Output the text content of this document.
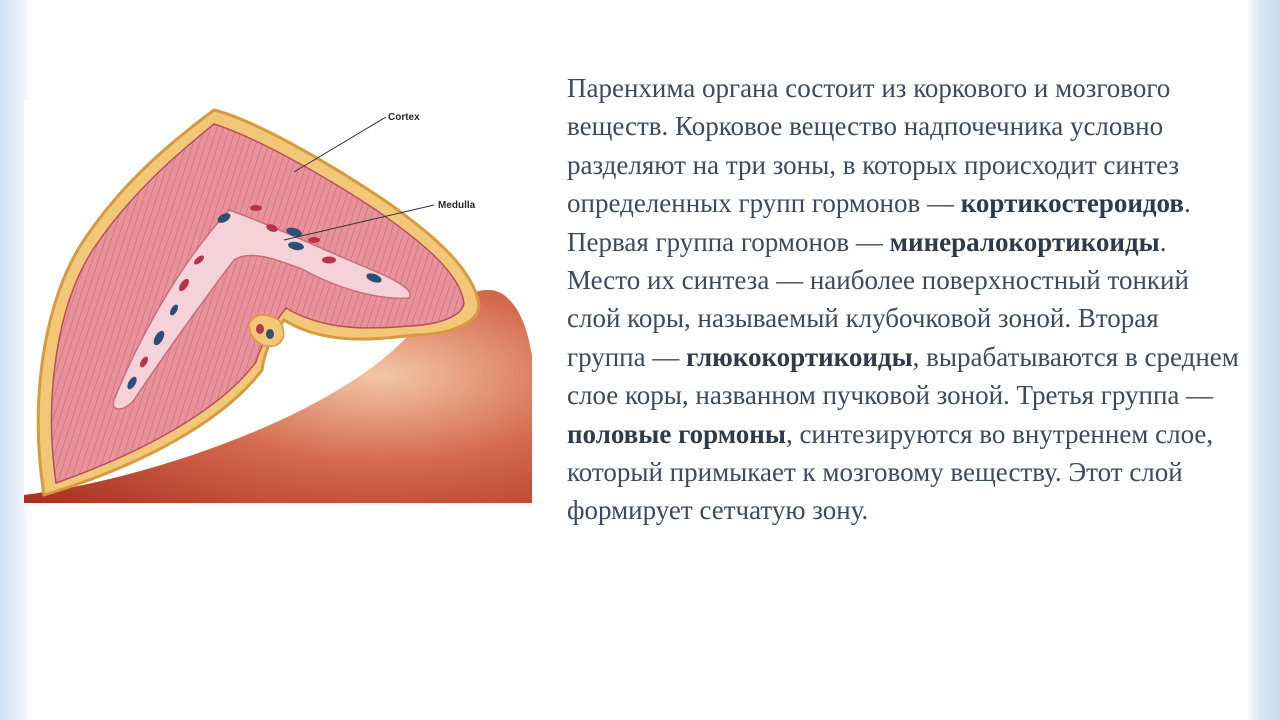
Cortex
Medulla

Паренхима органа состоит из коркового и мозгового веществ. Корковое вещество надпочечника условно разделяют на три зоны, в которых происходит синтез определенных групп гормонов — кортикостероидов. Первая группа гормонов — минералокортикоиды. Место их синтеза — наиболее поверхностный тонкий слой коры, называемый клубочковой зоной. Вторая группа — глюкокортикоиды, вырабатываются в среднем слое коры, названном пучковой зоной. Третья группа — половые гормоны, синтезируются во внутреннем слое, который примыкает к мозговому веществу. Этот слой формирует сетчатую зону.
